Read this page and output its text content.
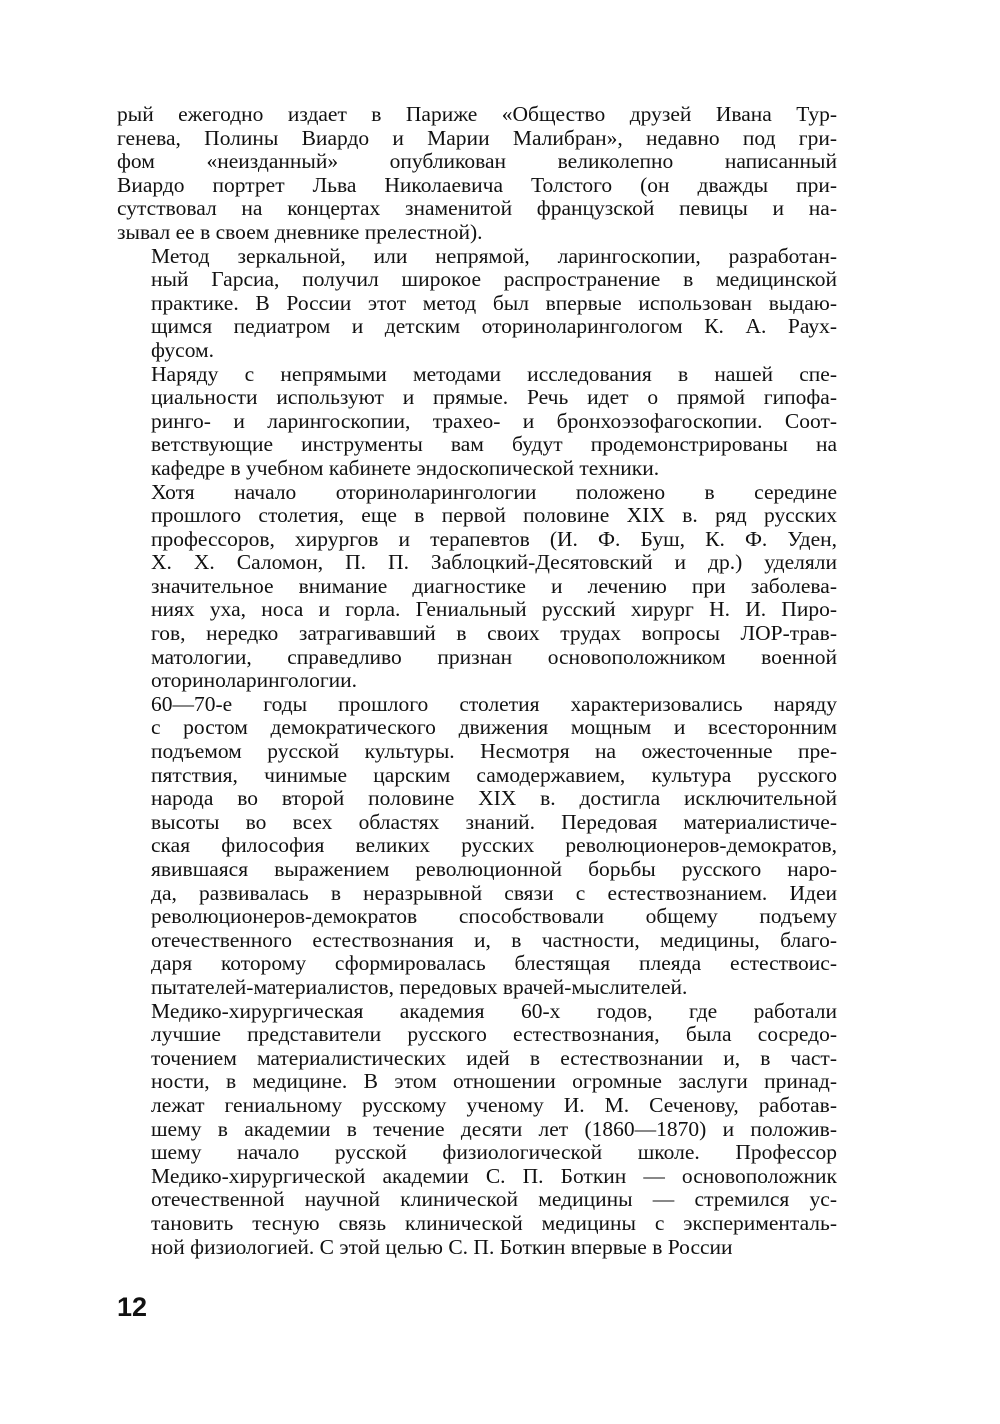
рый ежегодно издает в Париже «Общество друзей Ивана Тур-
генева, Полины Виардо и Марии Малибран», недавно под гри-
фом «неизданный» опубликован великолепно написанный
Виардо портрет Льва Николаевича Толстого (он дважды при-
сутствовал на концертах знаменитой французской певицы и на-
зывал ее в своем дневнике прелестной).

Метод зеркальной, или непрямой, ларингоскопии, разработан-
ный Гарсиа, получил широкое распространение в медицинской
практике. В России этот метод был впервые использован выдаю-
щимся педиатром и детским оториноларингологом К. А. Раух-
фусом.

Наряду с непрямыми методами исследования в нашей спе-
циальности используют и прямые. Речь идет о прямой гипофа-
ринго- и ларингоскопии, трахео- и бронхоэзофагоскопии. Соот-
ветствующие инструменты вам будут продемонстрированы на
кафедре в учебном кабинете эндоскопической техники.

Хотя начало оториноларингологии положено в середине
прошлого столетия, еще в первой половине XIX в. ряд русских
профессоров, хирургов и терапевтов (И. Ф. Буш, К. Ф. Уден,
Х. Х. Саломон, П. П. Заблоцкий-Десятовский и др.) уделяли
значительное внимание диагностике и лечению при заболева-
ниях уха, носа и горла. Гениальный русский хирург Н. И. Пиро-
гов, нередко затрагивавший в своих трудах вопросы ЛОР-трав-
матологии, справедливо признан основоположником военной
оториноларингологии.

60—70-е годы прошлого столетия характеризовались наряду
с ростом демократического движения мощным и всесторонним
подъемом русской культуры. Несмотря на ожесточенные пре-
пятствия, чинимые царским самодержавием, культура русского
народа во второй половине XIX в. достигла исключительной
высоты во всех областях знаний. Передовая материалистиче-
ская философия великих русских революционеров-демократов,
явившаяся выражением революционной борьбы русского наро-
да, развивалась в неразрывной связи с естествознанием. Идеи
революционеров-демократов способствовали общему подъему
отечественного естествознания и, в частности, медицины, благо-
даря которому сформировалась блестящая плеяда естествоис-
пытателей-материалистов, передовых врачей-мыслителей.

Медико-хирургическая академия 60-х годов, где работали
лучшие представители русского естествознания, была сосредо-
точением материалистических идей в естествознании и, в част-
ности, в медицине. В этом отношении огромные заслуги принад-
лежат гениальному русскому ученому И. М. Сеченову, работав-
шему в академии в течение десяти лет (1860—1870) и положив-
шему начало русской физиологической школе. Профессор
Медико-хирургической академии С. П. Боткин — основоположник
отечественной научной клинической медицины — стремился ус-
тановить тесную связь клинической медицины с эксперименталь-
ной физиологией. С этой целью С. П. Боткин впервые в России

12
